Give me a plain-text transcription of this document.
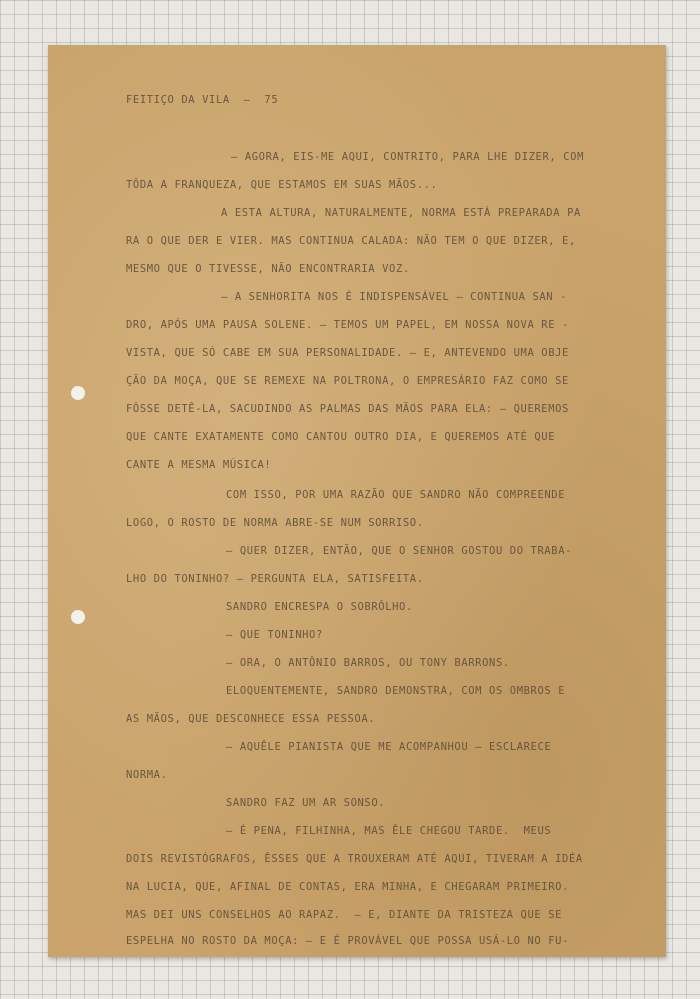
FEITIÇO DA VILA  —  75
— AGORA, EIS-ME AQUI, CONTRITO, PARA LHE DIZER, COM
TÔDA A FRANQUEZA, QUE ESTAMOS EM SUAS MÃOS...
A ESTA ALTURA, NATURALMENTE, NORMA ESTÁ PREPARADA PA
RA O QUE DER E VIER. MAS CONTINUA CALADA: NÃO TEM O QUE DIZER, E,
MESMO QUE O TIVESSE, NÃO ENCONTRARIA VOZ.
— A SENHORITA NOS É INDISPENSÁVEL — CONTINUA SAN -
DRO, APÓS UMA PAUSA SOLENE. — TEMOS UM PAPEL, EM NOSSA NOVA RE -
VISTA, QUE SÓ CABE EM SUA PERSONALIDADE. — E, ANTEVENDO UMA OBJE
ÇÃO DA MOÇA, QUE SE REMEXE NA POLTRONA, O EMPRESÁRIO FAZ COMO SE
FÔSSE DETÊ-LA, SACUDINDO AS PALMAS DAS MÃOS PARA ELA: — QUEREMOS
QUE CANTE EXATAMENTE COMO CANTOU OUTRO DIA, E QUEREMOS ATÉ QUE
CANTE A MESMA MÚSICA!
COM ISSO, POR UMA RAZÃO QUE SANDRO NÃO COMPREENDE
LOGO, O ROSTO DE NORMA ABRE-SE NUM SORRISO.
— QUER DIZER, ENTÃO, QUE O SENHOR GOSTOU DO TRABA-
LHO DO TONINHO? — PERGUNTA ELA, SATISFEITA.
SANDRO ENCRESPA O SOBRÔLHO.
— QUE TONINHO?
— ORA, O ANTÔNIO BARROS, OU TONY BARRONS.
ELOQUENTEMENTE, SANDRO DEMONSTRA, COM OS OMBROS E
AS MÃOS, QUE DESCONHECE ESSA PESSOA.
— AQUÊLE PIANISTA QUE ME ACOMPANHOU — ESCLARECE
NORMA.
SANDRO FAZ UM AR SONSO.
— É PENA, FILHINHA, MAS ÊLE CHEGOU TARDE.  MEUS
DOIS REVISTÓGRAFOS, ÊSSES QUE A TROUXERAM ATÉ AQUI, TIVERAM A IDÉA
NA LUCIA, QUE, AFINAL DE CONTAS, ERA MINHA, E CHEGARAM PRIMEIRO.
MAS DEI UNS CONSELHOS AO RAPAZ.  — E, DIANTE DA TRISTEZA QUE SE
ESPELHA NO ROSTO DA MOÇA: — E É PROVÁVEL QUE POSSA USÁ-LO NO FU-
